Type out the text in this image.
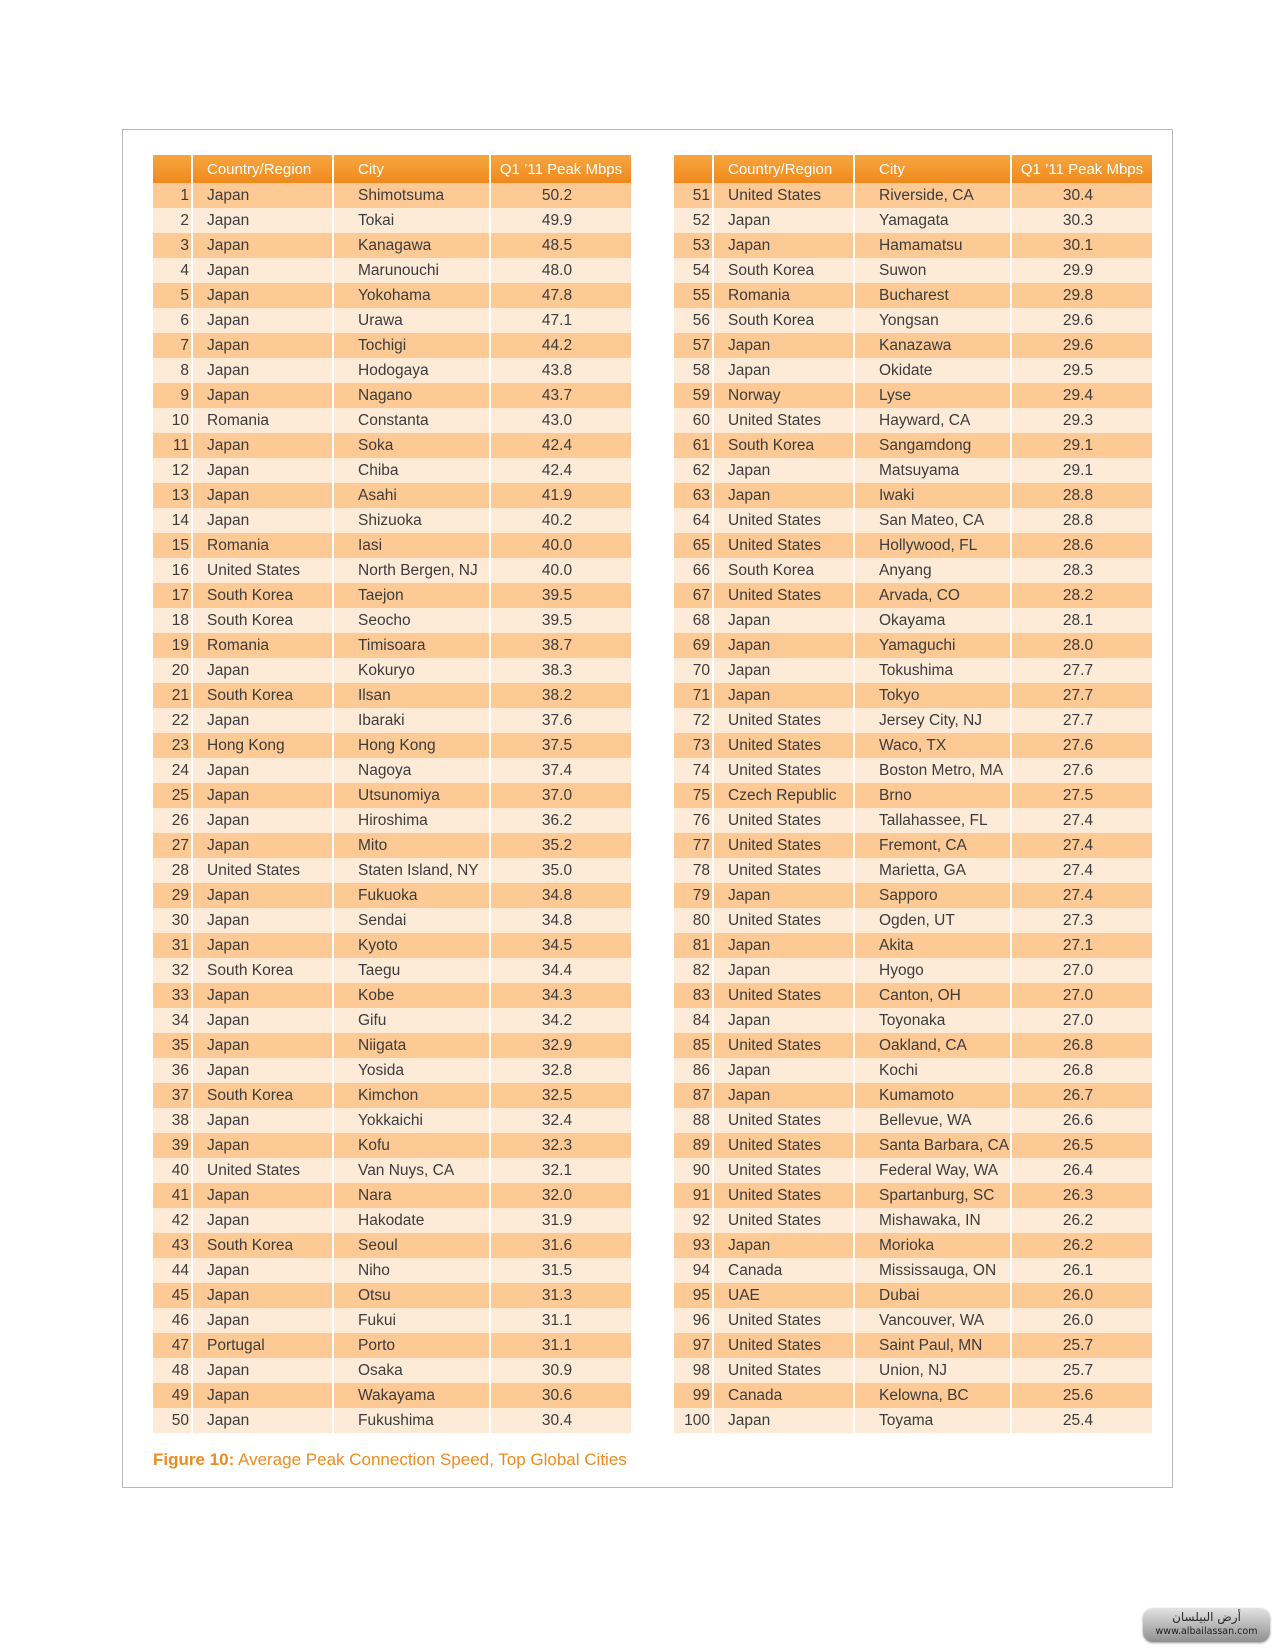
	Country/Region	City	Q1 ’11 Peak Mbps
1	Japan	Shimotsuma	50.2
2	Japan	Tokai	49.9
3	Japan	Kanagawa	48.5
4	Japan	Marunouchi	48.0
5	Japan	Yokohama	47.8
6	Japan	Urawa	47.1
7	Japan	Tochigi	44.2
8	Japan	Hodogaya	43.8
9	Japan	Nagano	43.7
10	Romania	Constanta	43.0
11	Japan	Soka	42.4
12	Japan	Chiba	42.4
13	Japan	Asahi	41.9
14	Japan	Shizuoka	40.2
15	Romania	Iasi	40.0
16	United States	North Bergen, NJ	40.0
17	South Korea	Taejon	39.5
18	South Korea	Seocho	39.5
19	Romania	Timisoara	38.7
20	Japan	Kokuryo	38.3
21	South Korea	Ilsan	38.2
22	Japan	Ibaraki	37.6
23	Hong Kong	Hong Kong	37.5
24	Japan	Nagoya	37.4
25	Japan	Utsunomiya	37.0
26	Japan	Hiroshima	36.2
27	Japan	Mito	35.2
28	United States	Staten Island, NY	35.0
29	Japan	Fukuoka	34.8
30	Japan	Sendai	34.8
31	Japan	Kyoto	34.5
32	South Korea	Taegu	34.4
33	Japan	Kobe	34.3
34	Japan	Gifu	34.2
35	Japan	Niigata	32.9
36	Japan	Yosida	32.8
37	South Korea	Kimchon	32.5
38	Japan	Yokkaichi	32.4
39	Japan	Kofu	32.3
40	United States	Van Nuys, CA	32.1
41	Japan	Nara	32.0
42	Japan	Hakodate	31.9
43	South Korea	Seoul	31.6
44	Japan	Niho	31.5
45	Japan	Otsu	31.3
46	Japan	Fukui	31.1
47	Portugal	Porto	31.1
48	Japan	Osaka	30.9
49	Japan	Wakayama	30.6
50	Japan	Fukushima	30.4
	Country/Region	City	Q1 ’11 Peak Mbps
51	United States	Riverside, CA	30.4
52	Japan	Yamagata	30.3
53	Japan	Hamamatsu	30.1
54	South Korea	Suwon	29.9
55	Romania	Bucharest	29.8
56	South Korea	Yongsan	29.6
57	Japan	Kanazawa	29.6
58	Japan	Okidate	29.5
59	Norway	Lyse	29.4
60	United States	Hayward, CA	29.3
61	South Korea	Sangamdong	29.1
62	Japan	Matsuyama	29.1
63	Japan	Iwaki	28.8
64	United States	San Mateo, CA	28.8
65	United States	Hollywood, FL	28.6
66	South Korea	Anyang	28.3
67	United States	Arvada, CO	28.2
68	Japan	Okayama	28.1
69	Japan	Yamaguchi	28.0
70	Japan	Tokushima	27.7
71	Japan	Tokyo	27.7
72	United States	Jersey City, NJ	27.7
73	United States	Waco, TX	27.6
74	United States	Boston Metro, MA	27.6
75	Czech Republic	Brno	27.5
76	United States	Tallahassee, FL	27.4
77	United States	Fremont, CA	27.4
78	United States	Marietta, GA	27.4
79	Japan	Sapporo	27.4
80	United States	Ogden, UT	27.3
81	Japan	Akita	27.1
82	Japan	Hyogo	27.0
83	United States	Canton, OH	27.0
84	Japan	Toyonaka	27.0
85	United States	Oakland, CA	26.8
86	Japan	Kochi	26.8
87	Japan	Kumamoto	26.7
88	United States	Bellevue, WA	26.6
89	United States	Santa Barbara, CA	26.5
90	United States	Federal Way, WA	26.4
91	United States	Spartanburg, SC	26.3
92	United States	Mishawaka, IN	26.2
93	Japan	Morioka	26.2
94	Canada	Mississauga, ON	26.1
95	UAE	Dubai	26.0
96	United States	Vancouver, WA	26.0
97	United States	Saint Paul, MN	25.7
98	United States	Union, NJ	25.7
99	Canada	Kelowna, BC	25.6
100	Japan	Toyama	25.4
Figure 10: Average Peak Connection Speed, Top Global Cities
أرض البيلسان
www.albailassan.com
